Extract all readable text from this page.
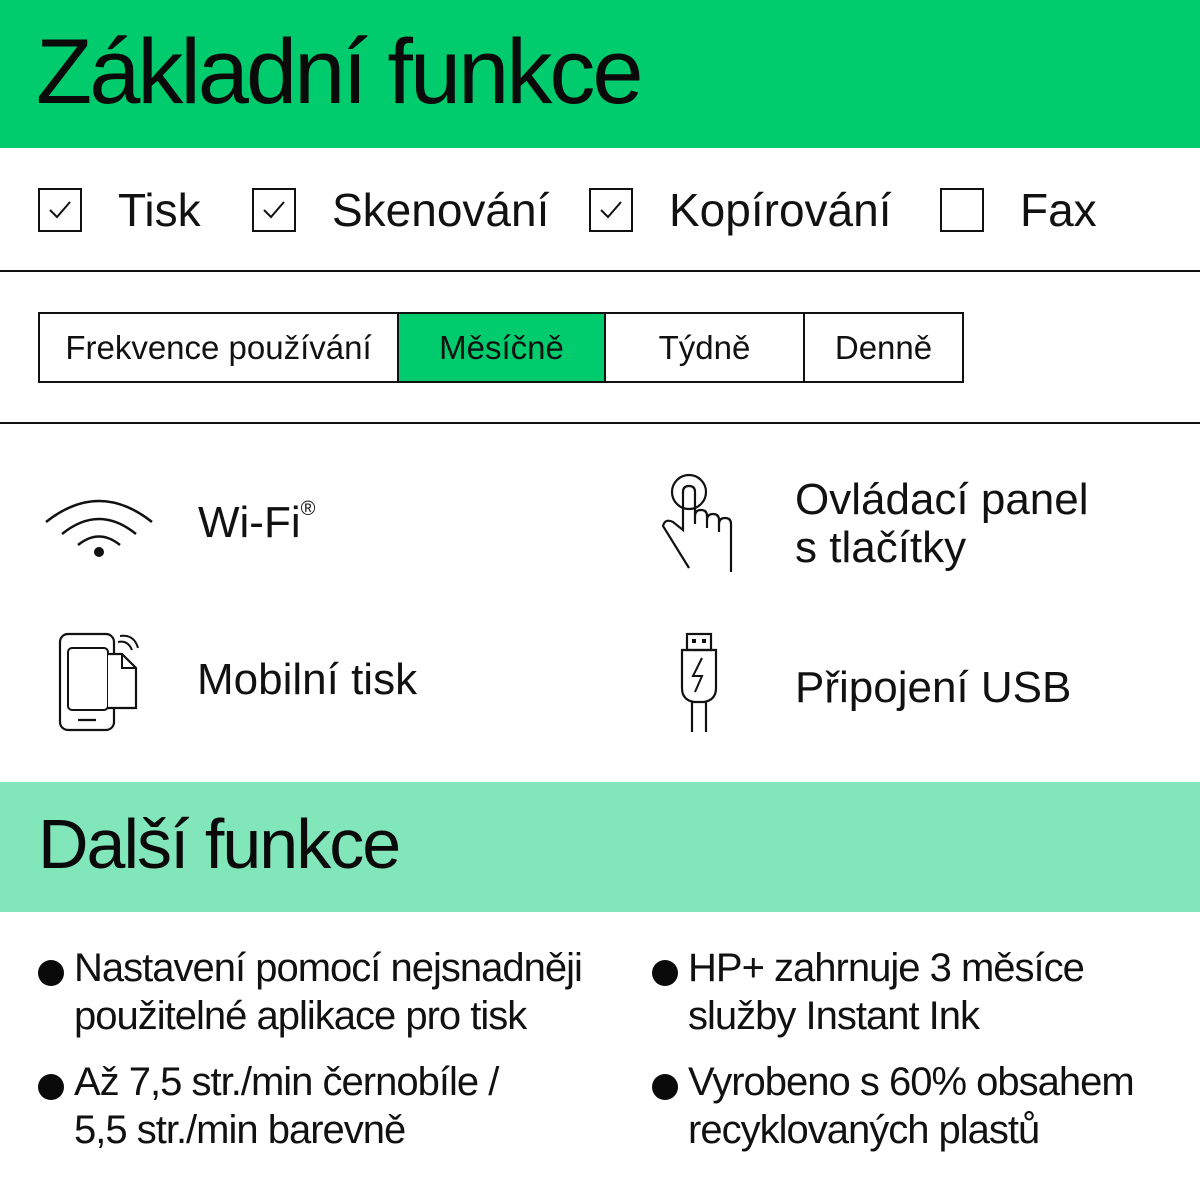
Základní funkce
Tisk	Skenování	Kopírování	Fax
Frekvence používání	Měsíčně	Týdně	Denně
Wi-Fi®	Ovládací panel
s tlačítky
Mobilní tisk	Připojení USB
Další funkce
Nastavení pomocí nejsnadněji
použitelné aplikace pro tisk
HP+ zahrnuje 3 měsíce
služby Instant Ink
Až 7,5 str./min černobíle /
5,5 str./min barevně
Vyrobeno s 60% obsahem
recyklovaných plastů
